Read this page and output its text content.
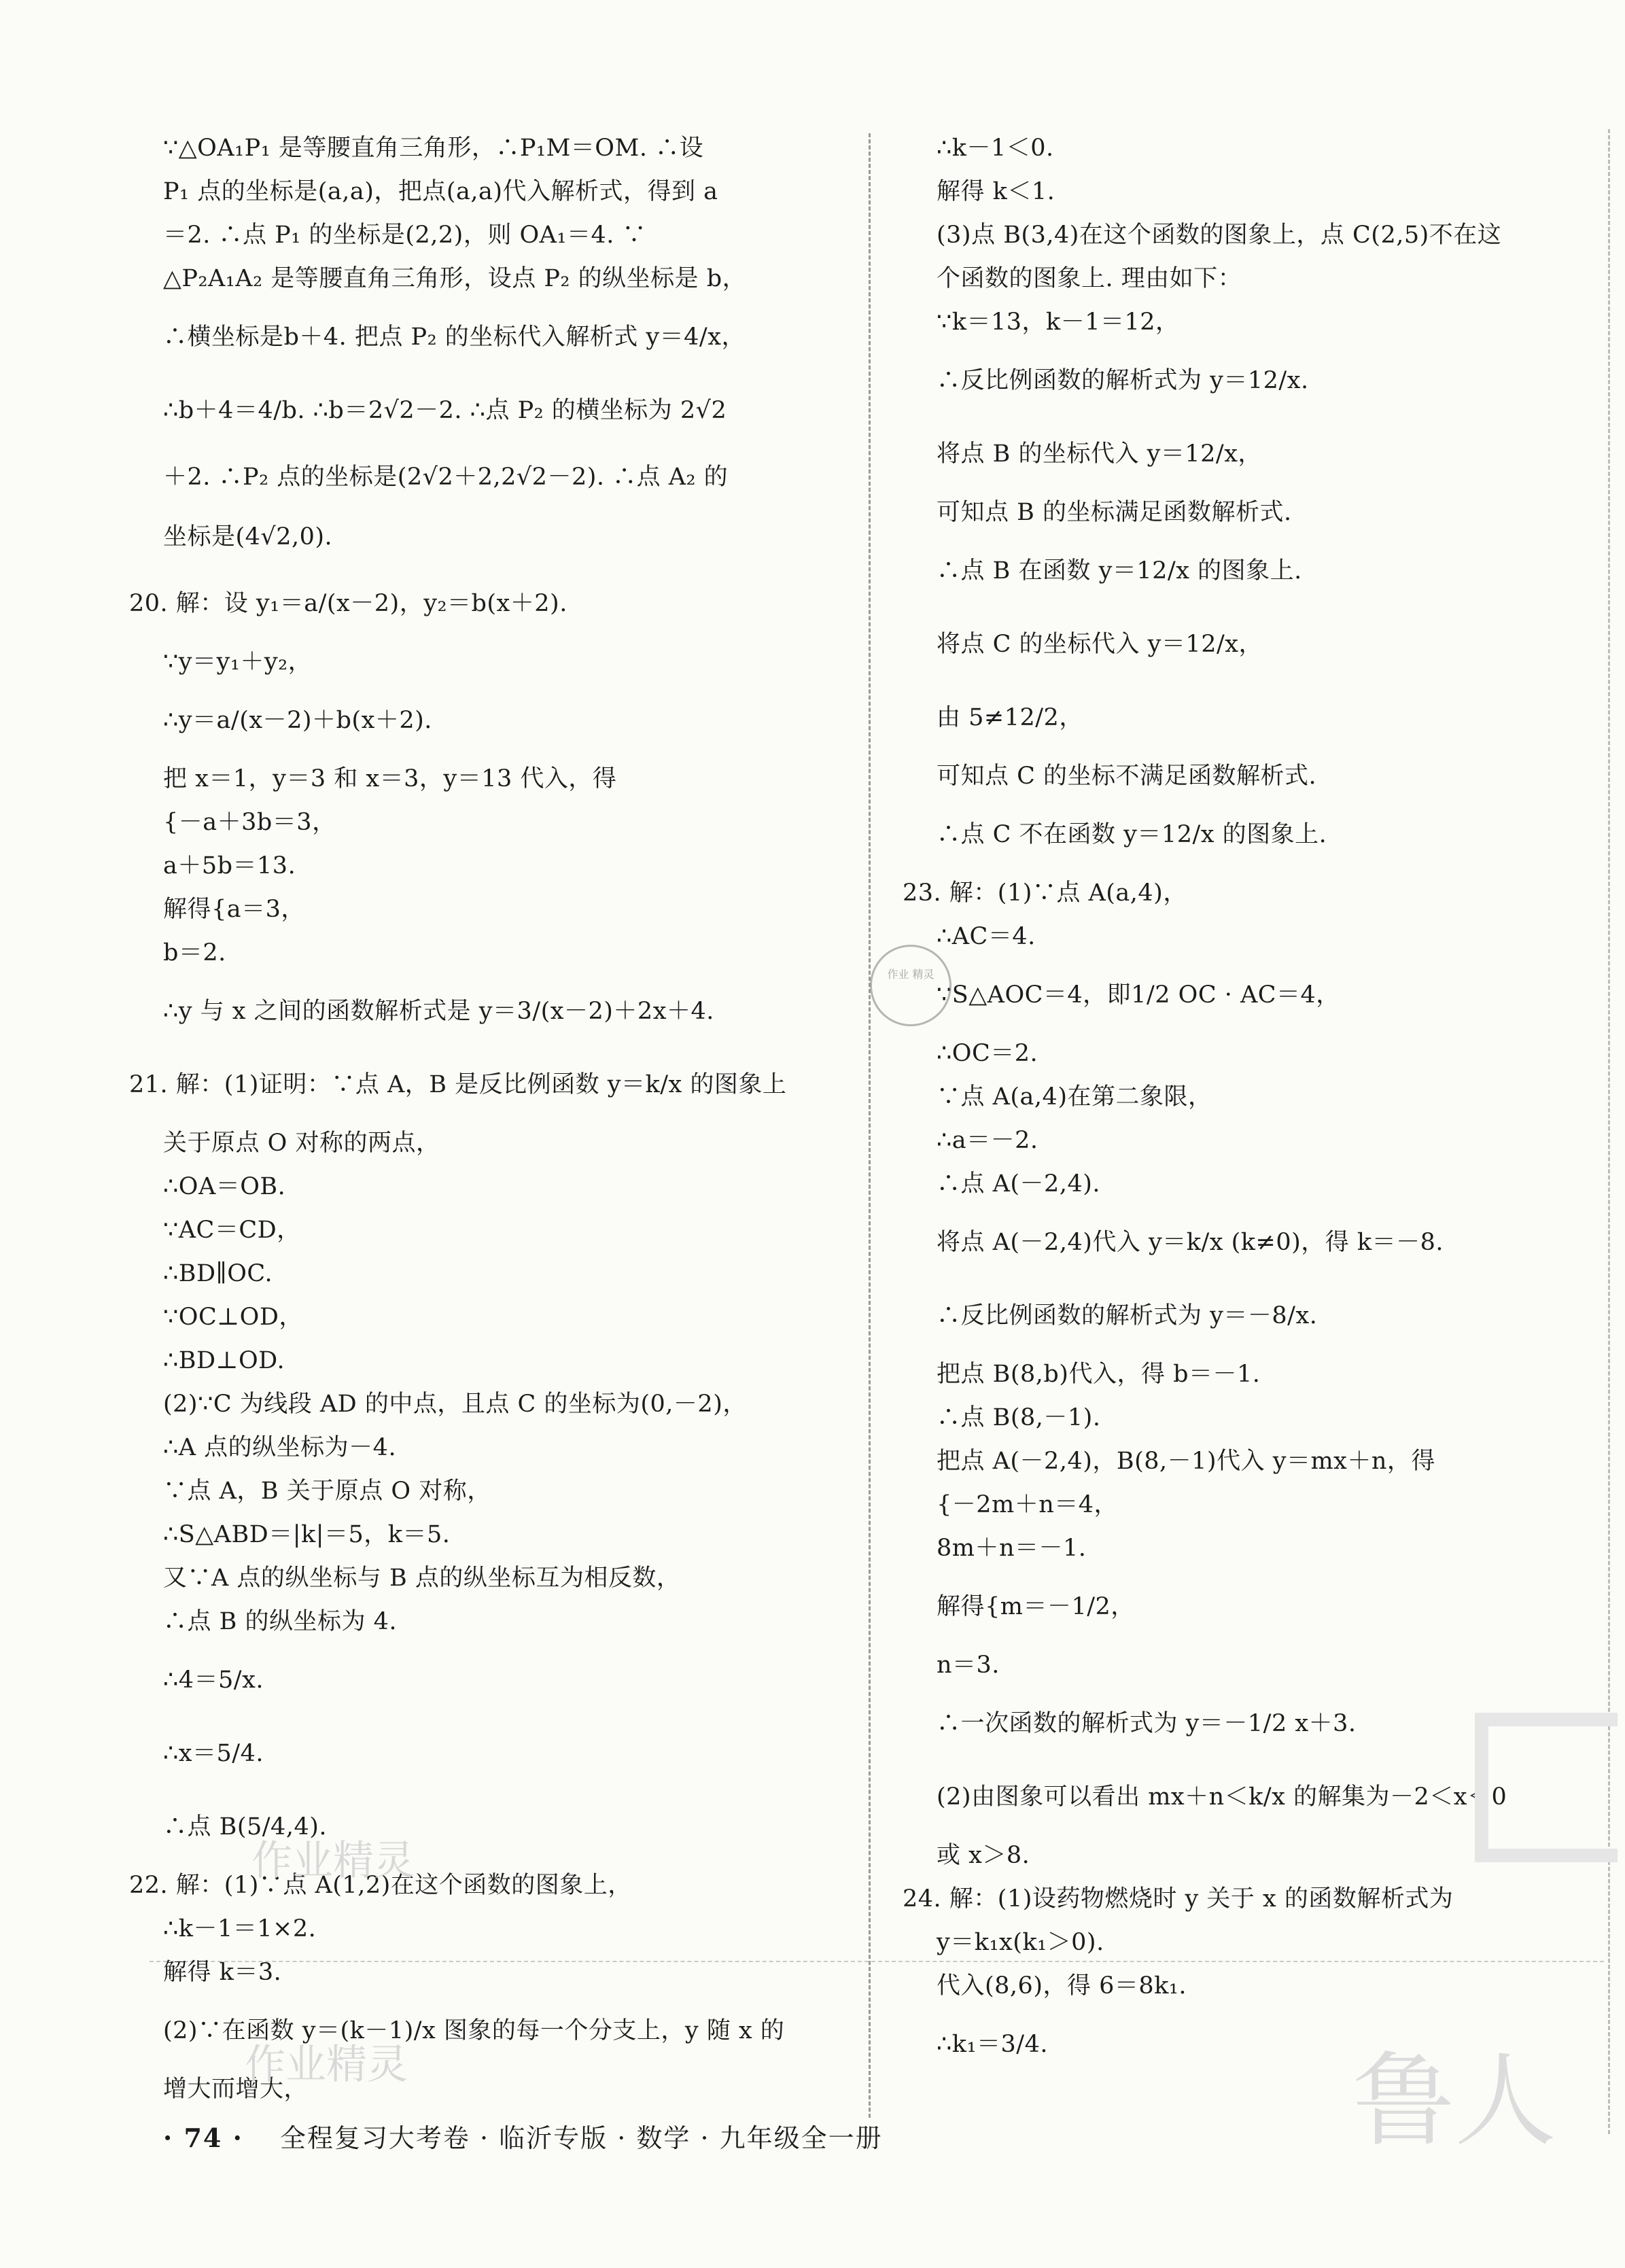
∵△OA₁P₁ 是等腰直角三角形，∴P₁M＝OM. ∴设
P₁ 点的坐标是(a,a)，把点(a,a)代入解析式，得到 a
＝2. ∴点 P₁ 的坐标是(2,2)，则 OA₁＝4. ∵
△P₂A₁A₂ 是等腰直角三角形，设点 P₂ 的纵坐标是 b，
∴横坐标是b＋4. 把点 P₂ 的坐标代入解析式 y＝4/x，
∴b＋4＝4/b. ∴b＝2√2－2. ∴点 P₂ 的横坐标为 2√2
＋2. ∴P₂ 点的坐标是(2√2＋2,2√2－2). ∴点 A₂ 的
坐标是(4√2,0).
20. 解：设 y₁＝a/(x－2)，y₂＝b(x＋2).
∵y＝y₁＋y₂，
∴y＝a/(x－2)＋b(x＋2).
把 x＝1，y＝3 和 x＝3，y＝13 代入，得
{－a＋3b＝3，
a＋5b＝13.
解得{a＝3，
b＝2.
∴y 与 x 之间的函数解析式是 y＝3/(x－2)＋2x＋4.
21. 解：(1)证明：∵点 A，B 是反比例函数 y＝k/x 的图象上
关于原点 O 对称的两点，
∴OA＝OB.
∵AC＝CD，
∴BD∥OC.
∵OC⊥OD，
∴BD⊥OD.
(2)∵C 为线段 AD 的中点，且点 C 的坐标为(0,－2)，
∴A 点的纵坐标为－4.
∵点 A，B 关于原点 O 对称，
∴S△ABD＝|k|＝5，k＝5.
又∵A 点的纵坐标与 B 点的纵坐标互为相反数，
∴点 B 的纵坐标为 4.
∴4＝5/x.
∴x＝5/4.
∴点 B(5/4,4).
22. 解：(1)∵点 A(1,2)在这个函数的图象上，
∴k－1＝1×2.
解得 k＝3.
(2)∵在函数 y＝(k－1)/x 图象的每一个分支上，y 随 x 的
增大而增大，
∴k－1＜0.
解得 k＜1.
(3)点 B(3,4)在这个函数的图象上，点 C(2,5)不在这
个函数的图象上. 理由如下：
∵k＝13，k－1＝12，
∴反比例函数的解析式为 y＝12/x.
将点 B 的坐标代入 y＝12/x，
可知点 B 的坐标满足函数解析式.
∴点 B 在函数 y＝12/x 的图象上.
将点 C 的坐标代入 y＝12/x，
由 5≠12/2，
可知点 C 的坐标不满足函数解析式.
∴点 C 不在函数 y＝12/x 的图象上.
23. 解：(1)∵点 A(a,4)，
∴AC＝4.
∵S△AOC＝4，即1/2 OC · AC＝4，
∴OC＝2.
∵点 A(a,4)在第二象限，
∴a＝－2.
∴点 A(－2,4).
将点 A(－2,4)代入 y＝k/x (k≠0)，得 k＝－8.
∴反比例函数的解析式为 y＝－8/x.
把点 B(8,b)代入，得 b＝－1.
∴点 B(8,－1).
把点 A(－2,4)，B(8,－1)代入 y＝mx＋n，得
{－2m＋n＝4，
8m＋n＝－1.
解得{m＝－1/2，
n＝3.
∴一次函数的解析式为 y＝－1/2 x＋3.
(2)由图象可以看出 mx＋n＜k/x 的解集为－2＜x＜0
或 x＞8.
24. 解：(1)设药物燃烧时 y 关于 x 的函数解析式为
y＝k₁x(k₁＞0).
代入(8,6)，得 6＝8k₁.
∴k₁＝3/4.
作业 精灵
鲁人
作业精灵
作业精灵
· 74 · 全程复习大考卷 · 临沂专版 · 数学 · 九年级全一册
